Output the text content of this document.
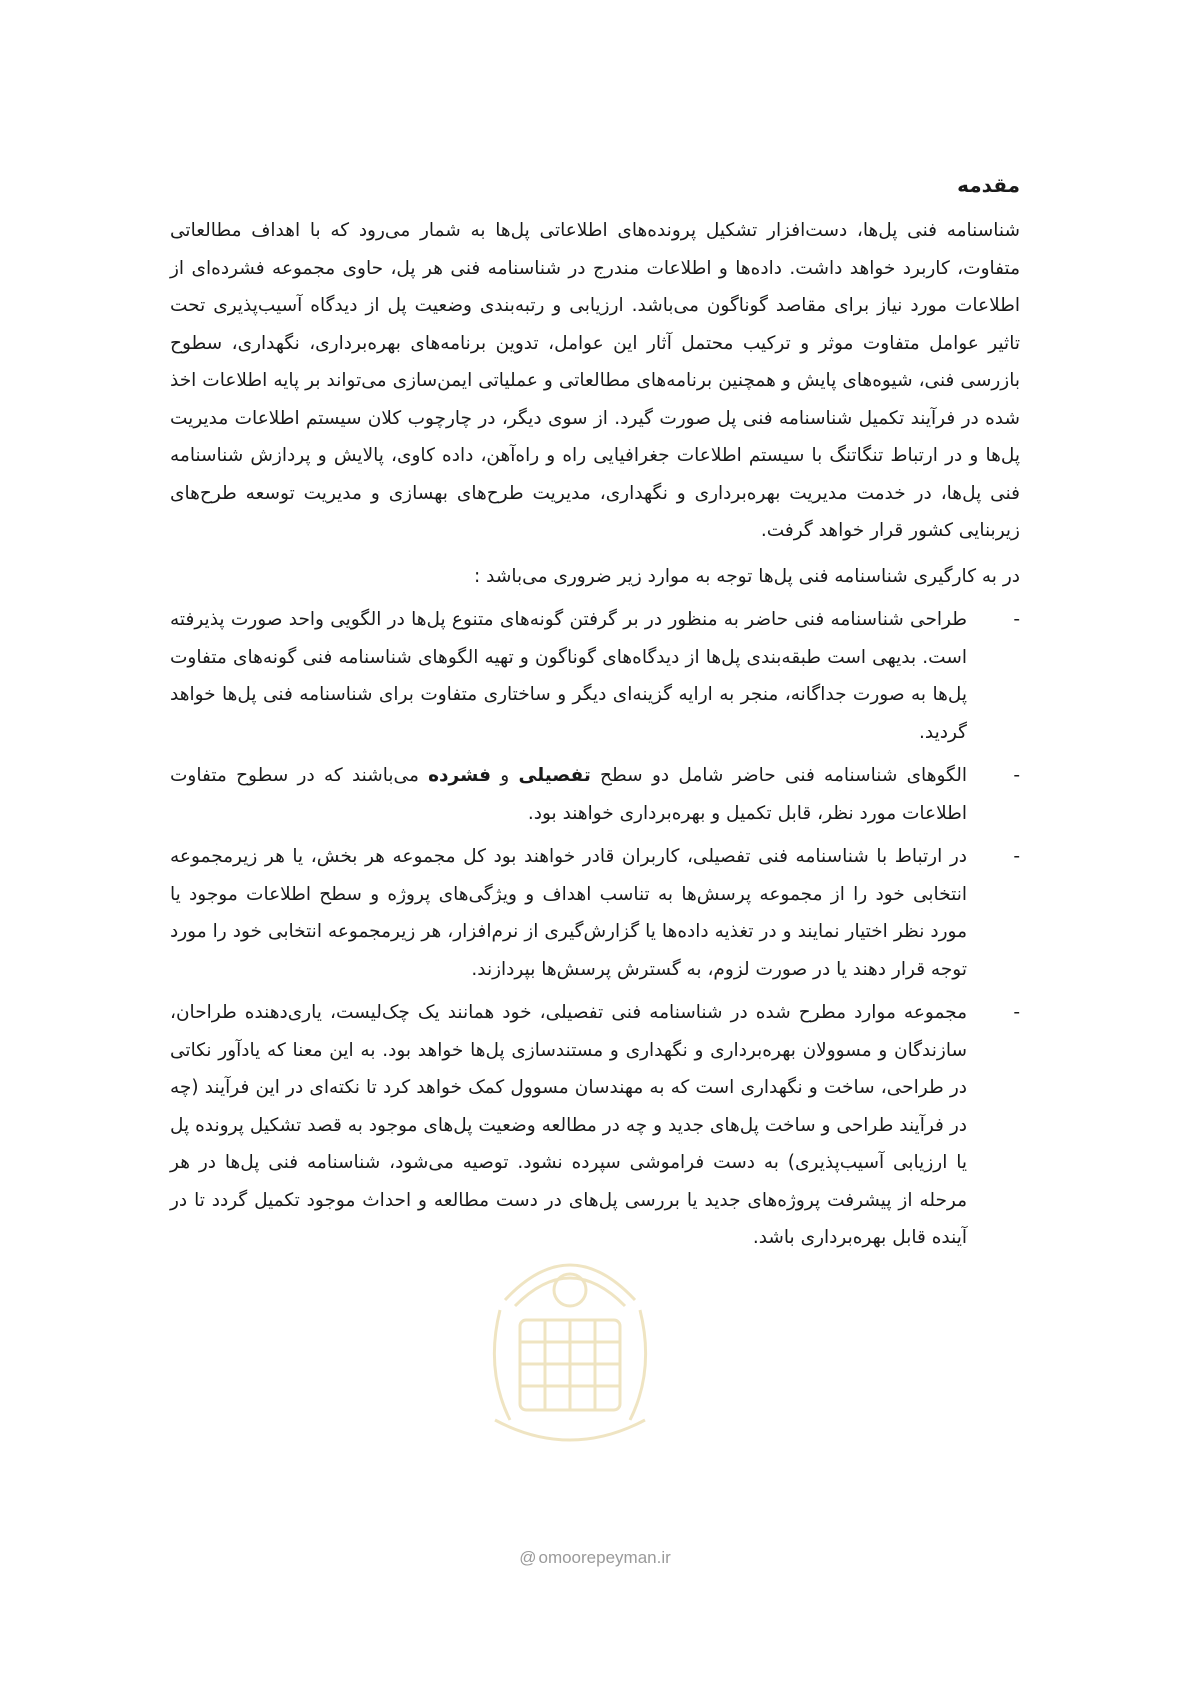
مقدمه

شناسنامه فنی پل‌ها، دست‌افزار تشکیل پرونده‌های اطلاعاتی پل‌ها به شمار می‌رود که با اهداف مطالعاتی متفاوت، کاربرد خواهد داشت. داده‌ها و اطلاعات مندرج در شناسنامه فنی هر پل، حاوی مجموعه فشرده‌ای از اطلاعات مورد نیاز برای مقاصد گوناگون می‌باشد. ارزیابی و رتبه‌بندی وضعیت پل از دیدگاه آسیب‌پذیری تحت تاثیر عوامل متفاوت موثر و ترکیب محتمل آثار این عوامل، تدوین برنامه‌های بهره‌برداری، نگهداری، سطوح بازرسی فنی، شیوه‌های پایش و همچنین برنامه‌های مطالعاتی و عملیاتی ایمن‌سازی می‌تواند بر پایه اطلاعات اخذ شده در فرآیند تکمیل شناسنامه فنی پل صورت گیرد. از سوی دیگر، در چارچوب کلان سیستم اطلاعات مدیریت پل‌ها و در ارتباط تنگاتنگ با سیستم اطلاعات جغرافیایی راه و راه‌آهن، داده کاوی، پالایش و پردازش شناسنامه فنی پل‌ها، در خدمت مدیریت بهره‌برداری و نگهداری، مدیریت طرح‌های بهسازی و مدیریت توسعه طرح‌های زیربنایی کشور قرار خواهد گرفت.

در به کارگیری شناسنامه فنی پل‌ها توجه به موارد زیر ضروری می‌باشد :

-
طراحی شناسنامه فنی حاضر به منظور در بر گرفتن گونه‌های متنوع پل‌ها در الگویی واحد صورت پذیرفته است. بدیهی است طبقه‌بندی پل‌ها از دیدگاه‌های گوناگون و تهیه الگوهای شناسنامه فنی گونه‌های متفاوت پل‌ها به صورت جداگانه، منجر به ارایه گزینه‌ای دیگر و ساختاری متفاوت برای شناسنامه فنی پل‌ها خواهد گردید.
-
الگوهای شناسنامه فنی حاضر شامل دو سطح تفصیلی و فشرده می‌باشند که در سطوح متفاوت اطلاعات مورد نظر، قابل تکمیل و بهره‌برداری خواهند بود.
-
در ارتباط با شناسنامه فنی تفصیلی، کاربران قادر خواهند بود کل مجموعه هر بخش، یا هر زیرمجموعه انتخابی خود را از مجموعه پرسش‌ها به تناسب اهداف و ویژگی‌های پروژه و سطح اطلاعات موجود یا مورد نظر اختیار نمایند و در تغذیه داده‌ها یا گزارش‌گیری از نرم‌افزار، هر زیرمجموعه انتخابی خود را مورد توجه قرار دهند یا در صورت لزوم، به گسترش پرسش‌ها بپردازند.
-
مجموعه موارد مطرح شده در شناسنامه فنی تفصیلی، خود همانند یک چک‌لیست، یاری‌دهنده طراحان، سازندگان و مسوولان بهره‌برداری و نگهداری و مستندسازی پل‌ها خواهد بود. به این معنا که یادآور نکاتی در طراحی، ساخت و نگهداری است که به مهندسان مسوول کمک خواهد کرد تا نکته‌ای در این فرآیند (چه در فرآیند طراحی و ساخت پل‌های جدید و چه در مطالعه وضعیت پل‌های موجود به قصد تشکیل پرونده پل یا ارزیابی آسیب‌پذیری) به دست فراموشی سپرده نشود. توصیه می‌شود، شناسنامه فنی پل‌ها در هر مرحله از پیشرفت پروژه‌های جدید یا بررسی پل‌های در دست مطالعه و احداث موجود تکمیل گردد تا در آینده قابل بهره‌برداری باشد.
@ omoorepeyman.ir
